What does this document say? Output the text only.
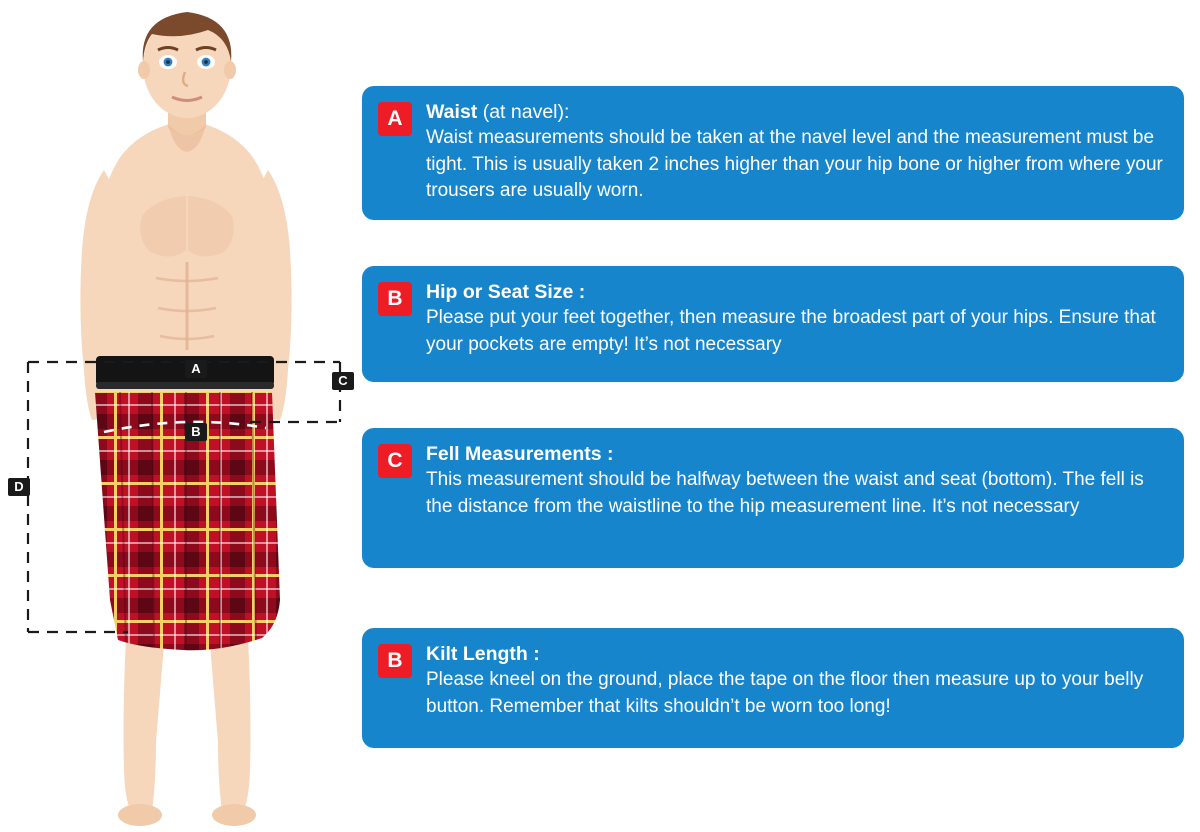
A
B
C
D
A	Waist (at navel):

Waist measurements should be taken at the navel level and the measurement must be tight. This is usually taken 2 inches higher than your hip bone or higher from where your trousers are usually worn.

B	Hip or Seat Size :

Please put your feet together, then measure the broadest part of your hips. Ensure that your pockets are empty! It’s not necessary

C	Fell Measurements :

This measurement should be halfway between the waist and seat (bottom). The fell is the distance from the waistline to the hip measurement line. It’s not necessary

B	Kilt Length :

Please kneel on the ground, place the tape on the floor then measure up to your belly button. Remember that kilts shouldn’t be worn too long!
